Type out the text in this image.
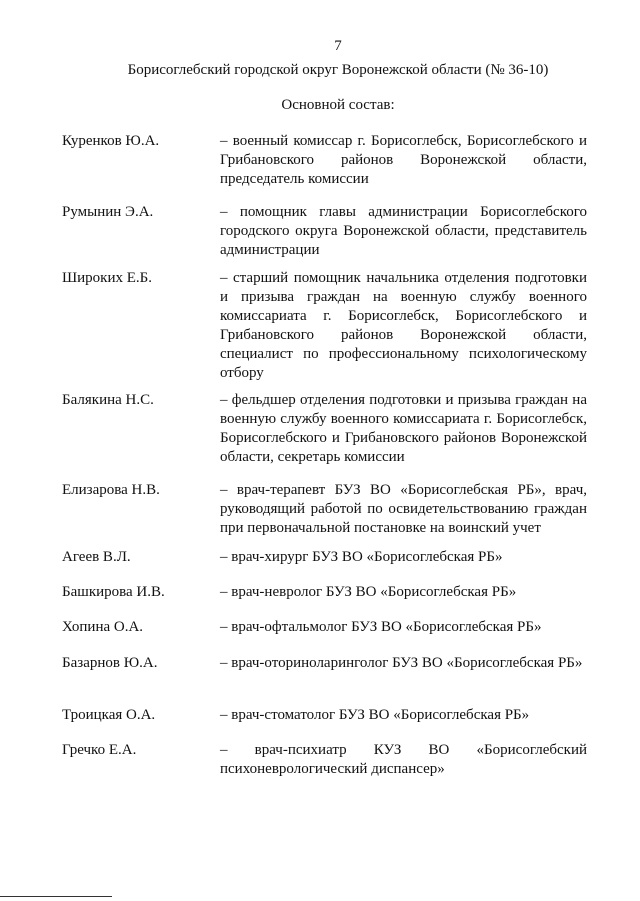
7
Борисоглебский городской округ Воронежской области (№ 36-10)
Основной состав:
Куренков Ю.А.	– военный комиссар г. Борисоглебск, Борисоглебского и Грибановского районов Воронежской области, председатель комиссии
Румынин Э.А.	– помощник главы администрации Борисоглебского городского округа Воронежской области, представитель администрации
Широких Е.Б.	– старший помощник начальника отделения подготовки и призыва граждан на военную службу военного комиссариата г. Борисоглебск, Борисоглебского и Грибановского районов Воронежской области, специалист по профессиональному психологическому отбору
Балякина Н.С.	– фельдшер отделения подготовки и призыва граждан на военную службу военного комиссариата г. Борисоглебск, Борисоглебского и Грибановского районов Воронежской области, секретарь комиссии
Елизарова Н.В.	– врач-терапевт БУЗ ВО «Борисоглебская РБ», врач, руководящий работой по освидетельствованию граждан при первоначальной постановке на воинский учет
Агеев В.Л.	– врач-хирург БУЗ ВО «Борисоглебская РБ»
Башкирова И.В.	– врач-невролог БУЗ ВО «Борисоглебская РБ»
Хопина О.А.	– врач-офтальмолог БУЗ ВО «Борисоглебская РБ»
Базарнов Ю.А.	– врач-оториноларинголог БУЗ ВО «Борисоглебская РБ»
Троицкая О.А.	– врач-стоматолог БУЗ ВО «Борисоглебская РБ»
Гречко Е.А.	– врач-психиатр КУЗ ВО «Борисоглебский психоневрологический диспансер»
